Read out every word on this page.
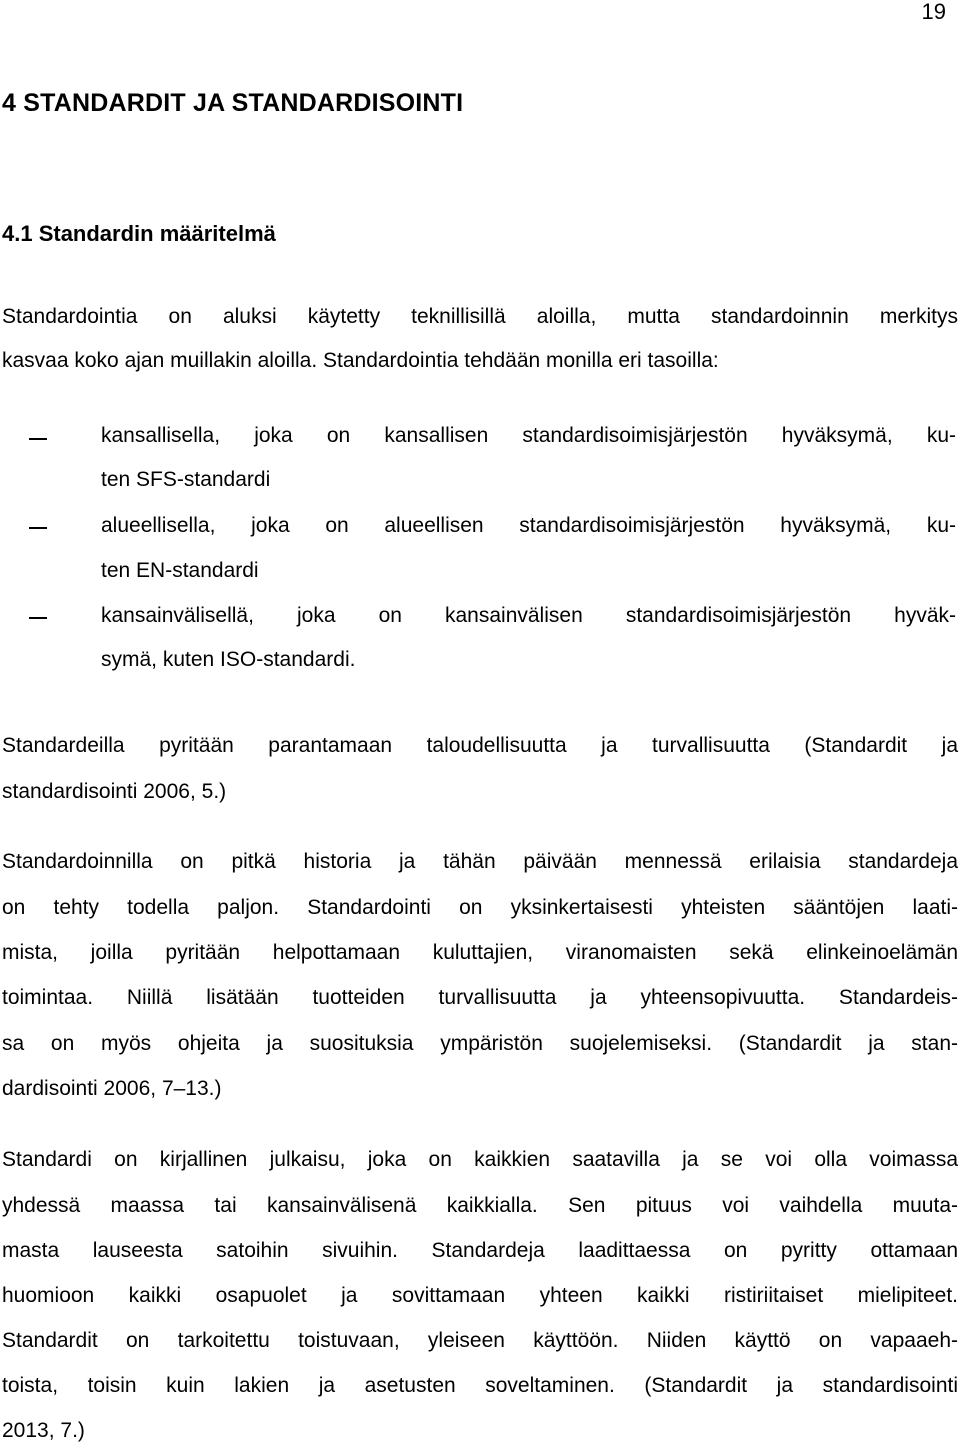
19
4 STANDARDIT JA STANDARDISOINTI
4.1 Standardin määritelmä
Standardointia on aluksi käytetty teknillisillä aloilla, mutta standardoinnin merkitys
kasvaa koko ajan muillakin aloilla. Standardointia tehdään monilla eri tasoilla:
kansallisella, joka on kansallisen standardisoimisjärjestön hyväksymä, ku-
ten SFS-standardi
alueellisella, joka on alueellisen standardisoimisjärjestön hyväksymä, ku-
ten EN-standardi
kansainvälisellä, joka on kansainvälisen standardisoimisjärjestön hyväk-
symä, kuten ISO-standardi.
Standardeilla pyritään parantamaan taloudellisuutta ja turvallisuutta (Standardit ja
standardisointi 2006, 5.)
Standardoinnilla on pitkä historia ja tähän päivään mennessä erilaisia standardeja
on tehty todella paljon. Standardointi on yksinkertaisesti yhteisten sääntöjen laati-
mista, joilla pyritään helpottamaan kuluttajien, viranomaisten sekä elinkeinoelämän
toimintaa. Niillä lisätään tuotteiden turvallisuutta ja yhteensopivuutta. Standardeis-
sa on myös ohjeita ja suosituksia ympäristön suojelemiseksi. (Standardit ja stan-
dardisointi 2006, 7–13.)
Standardi on kirjallinen julkaisu, joka on kaikkien saatavilla ja se voi olla voimassa
yhdessä maassa tai kansainvälisenä kaikkialla. Sen pituus voi vaihdella muuta-
masta lauseesta satoihin sivuihin. Standardeja laadittaessa on pyritty ottamaan
huomioon kaikki osapuolet ja sovittamaan yhteen kaikki ristiriitaiset mielipiteet.
Standardit on tarkoitettu toistuvaan, yleiseen käyttöön. Niiden käyttö on vapaaeh-
toista, toisin kuin lakien ja asetusten soveltaminen. (Standardit ja standardisointi
2013, 7.)
